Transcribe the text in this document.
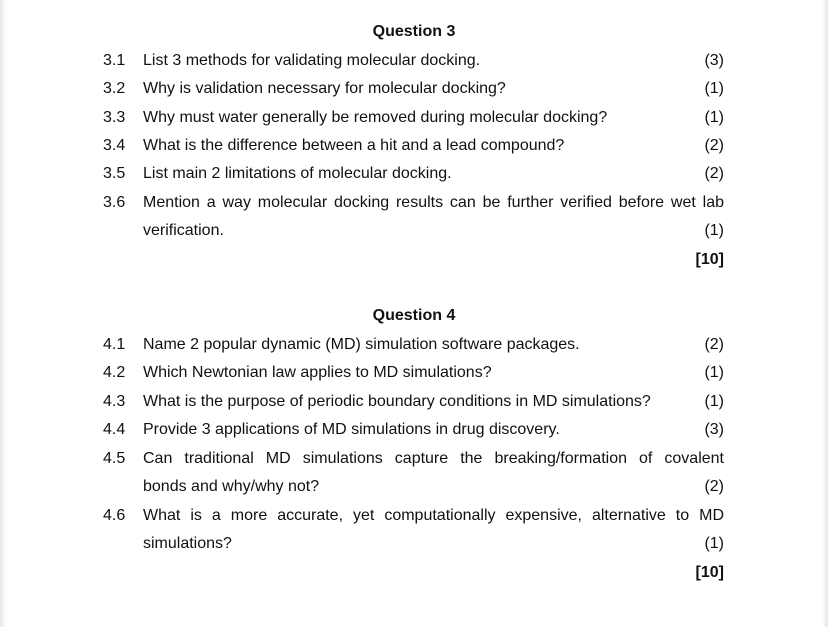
Question 3
3.1 List 3 methods for validating molecular docking.	(3)
3.2 Why is validation necessary for molecular docking?	(1)
3.3 Why must water generally be removed during molecular docking?	(1)
3.4 What is the difference between a hit and a lead compound?	(2)
3.5 List main 2 limitations of molecular docking.	(2)
3.6 Mention a way molecular docking results can be further verified before wet lab
verification.	(1)
[10]
Question 4
4.1 Name 2 popular dynamic (MD) simulation software packages.	(2)
4.2 Which Newtonian law applies to MD simulations?	(1)
4.3 What is the purpose of periodic boundary conditions in MD simulations?	(1)
4.4 Provide 3 applications of MD simulations in drug discovery.	(3)
4.5 Can traditional MD simulations capture the breaking/formation of covalent
bonds and why/why not?	(2)
4.6 What is a more accurate, yet computationally expensive, alternative to MD
simulations?	(1)
[10]
